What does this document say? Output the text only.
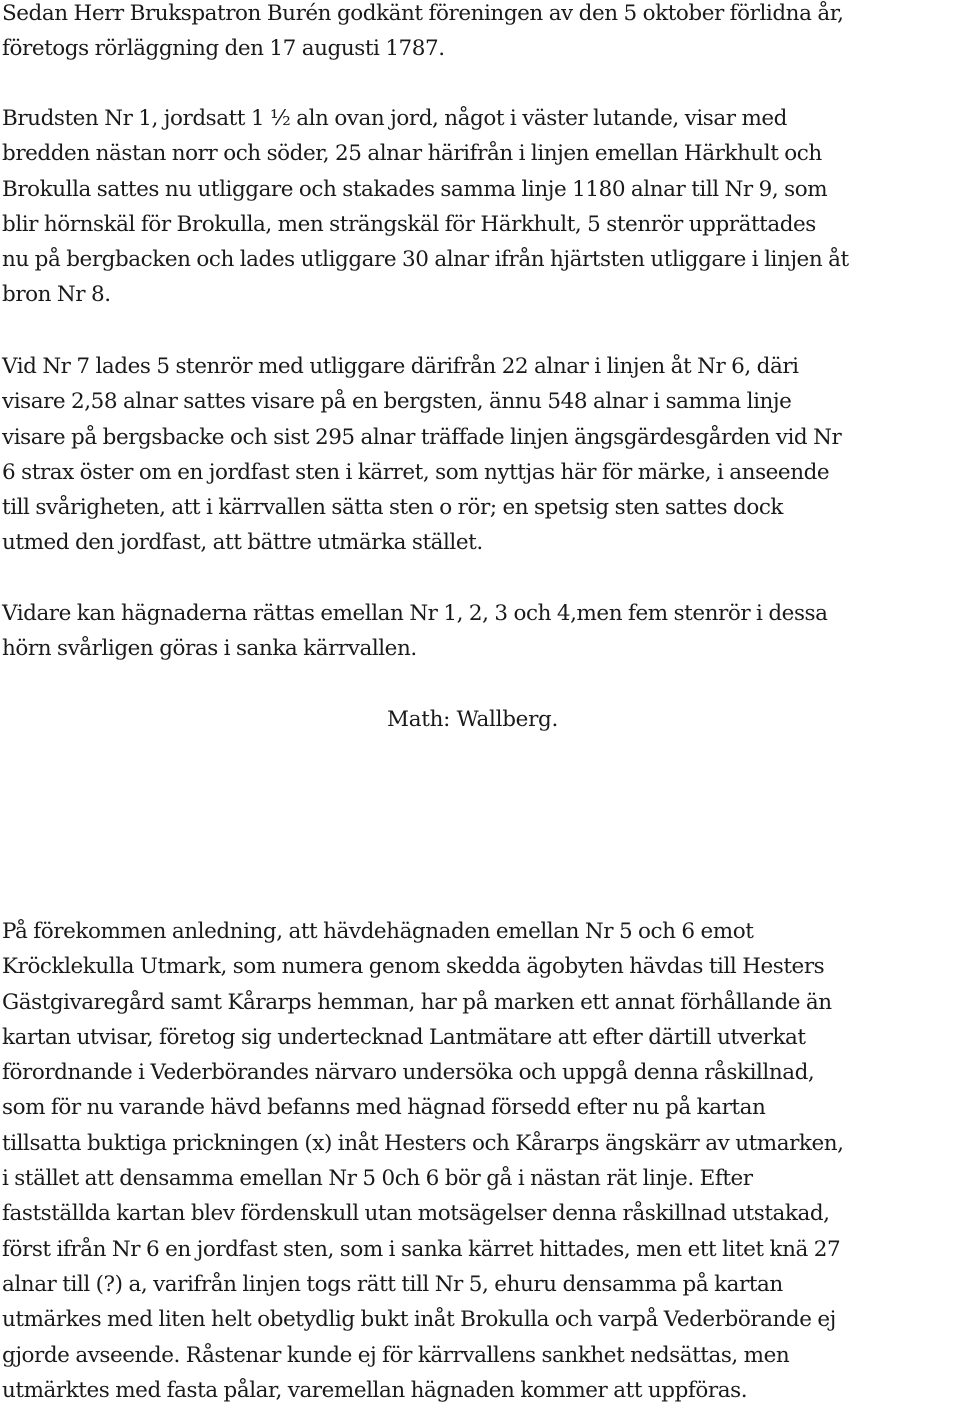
Sedan Herr Brukspatron Burén godkänt föreningen av den 5 oktober förlidna år,
företogs rörläggning den 17 augusti 1787.

Brudsten Nr 1, jordsatt 1 ½ aln ovan jord, något i väster lutande, visar med
bredden nästan norr och söder, 25 alnar härifrån i linjen emellan Härkhult och
Brokulla sattes nu utliggare och stakades samma linje 1180 alnar till Nr 9, som
blir hörnskäl för Brokulla, men strängskäl för Härkhult, 5 stenrör upprättades
nu på bergbacken och lades utliggare 30 alnar ifrån hjärtsten utliggare i linjen åt
bron Nr 8.

Vid Nr 7 lades 5 stenrör med utliggare därifrån 22 alnar i linjen åt Nr 6, däri
visare 2,58 alnar sattes visare på en bergsten, ännu 548 alnar i samma linje
visare på bergsbacke och sist 295 alnar träffade linjen ängsgärdesgården vid Nr
6 strax öster om en jordfast sten i kärret, som nyttjas här för märke, i anseende
till svårigheten, att i kärrvallen sätta sten o rör; en spetsig sten sattes dock
utmed den jordfast, att bättre utmärka stället.

Vidare kan hägnaderna rättas emellan Nr 1, 2, 3 och 4,men fem stenrör i dessa
hörn svårligen göras i sanka kärrvallen.

Math: Wallberg.

På förekommen anledning, att hävdehägnaden emellan Nr 5 och 6 emot
Kröcklekulla Utmark, som numera genom skedda ägobyten hävdas till Hesters
Gästgivaregård samt Kårarps hemman, har på marken ett annat förhållande än
kartan utvisar, företog sig undertecknad Lantmätare att efter därtill utverkat
förordnande i Vederbörandes närvaro undersöka och uppgå denna råskillnad,
som för nu varande hävd befanns med hägnad försedd efter nu på kartan
tillsatta buktiga prickningen (x) inåt Hesters och Kårarps ängskärr av utmarken,
i stället att densamma emellan Nr 5 0ch 6 bör gå i nästan rät linje. Efter
fastställda kartan blev fördenskull utan motsägelser denna råskillnad utstakad,
först ifrån Nr 6 en jordfast sten, som i sanka kärret hittades, men ett litet knä 27
alnar till (?) a, varifrån linjen togs rätt till Nr 5, ehuru densamma på kartan
utmärkes med liten helt obetydlig bukt inåt Brokulla och varpå Vederbörande ej
gjorde avseende. Råstenar kunde ej för kärrvallens sankhet nedsättas, men
utmärktes med fasta pålar, varemellan hägnaden kommer att uppföras.
